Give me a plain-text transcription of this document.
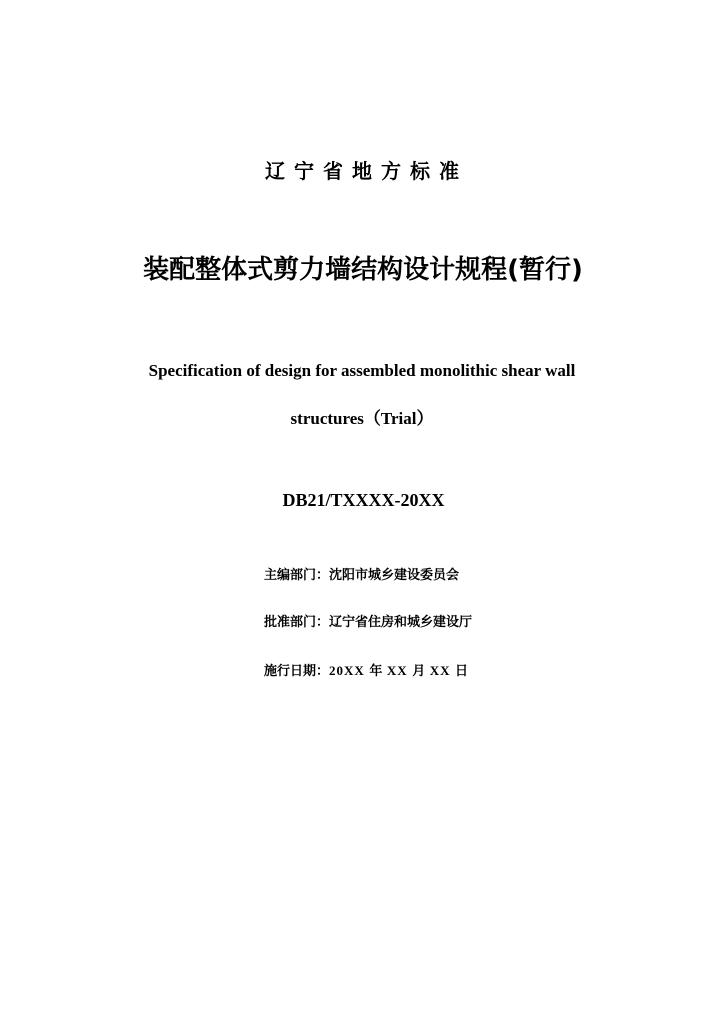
辽宁省地方标准
装配整体式剪力墙结构设计规程(暂行)
Specification of design for assembled monolithic shear wall
structures（Trial）
DB21/TXXXX-20XX
主编部门：沈阳市城乡建设委员会
批准部门：辽宁省住房和城乡建设厅
施行日期：20XX 年 XX 月 XX 日
